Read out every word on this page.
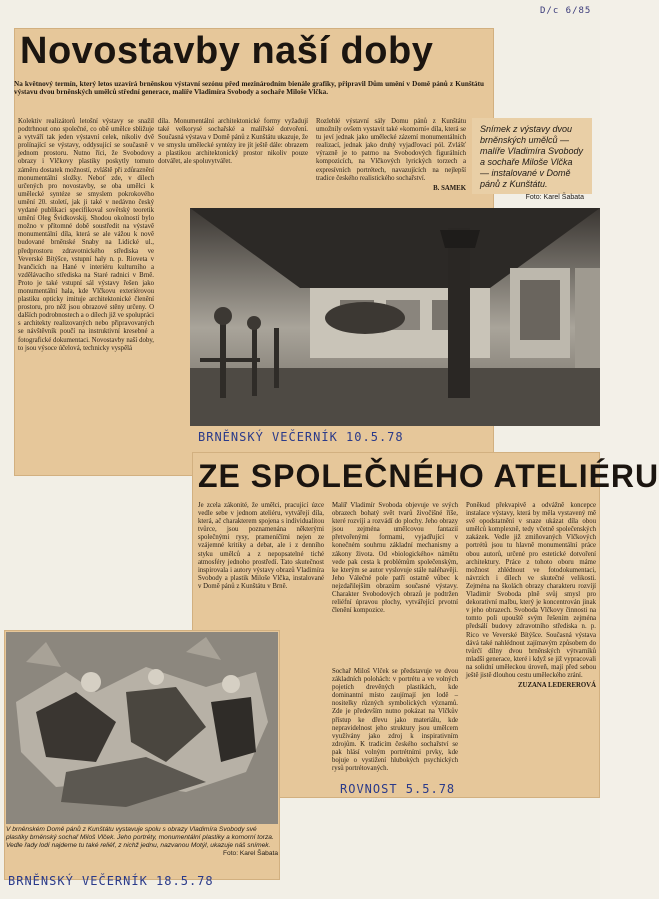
D/c 6/85
Novostavby naší doby
Na květnový termín, který letos uzavírá brněnskou výstavní sezónu před mezinárodním bienále grafiky, připravil Dům umění v Domě pánů z Kunštátu výstavu dvou brněnských umělců střední generace, malíře Vladimíra Svobody a sochaře Miloše Vlčka.
Kolektiv realizátorů letošní výstavy se snažil podtrhnout ono společné, co obě umělce sbližuje a vytváří tak jeden výstavní celek, nikoliv dvě prolínající se výstavy, oddysující se současně v jednom prostoru. Nutno říci, že Svobodovy obrazy i Vlčkovy plastiky poskytly tomuto záměru dostatek možností, zvláště při zdůraznění monumentální složky. Neboť zde, v dílech určených pro novostavby, se oba umělci k umělecké syntéze se smyslem pokrokového umění 20. století, jak ji také v nedávno český vydané publikaci specifikoval sovětský teoretik umění Oleg Švidkovskij. Shodou okolností bylo možno v přítomné době soustředit na výstavě monumentální díla, která se ale vážou k nově budované brněnské Snaby na Lidické ul., předprostoru zdravotnického střediska ve Veverské Bítýšce, vstupní haly n. p. Rioveta v Ivančicích na Hané v interiéru kulturního a vzdělávacího střediska na Staré radnici v Brně. Proto je také vstupní sál výstavy řešen jako monumentální hala, kde Vlčkovu exteriérovou plastiku opticky imituje architektonické členění prostoru, pro něž jsou obrazové stěny určeny. O dalších podrobnostech a o dílech již ve spolupráci s architekty realizovaných nebo připravovaných se návštěvník poučí na instruktivní kresebné a fotografické dokumentaci. Novostavby naší doby, to jsou výsoce účelová, technicky vyspělá
díla. Monumentální architektonické formy vyžadují také velkorysé sochařské a malířské dotvoření. Současná výstava v Domě pánů z Kunštátu ukazuje, že ve smyslu umělecké syntézy ire jít ještě dále: obrazem a plastikou architektonický prostor nikoliv pouze dotvářet, ale spoluvytvářet.
Rozlehlé výstavní sály Domu pánů z Kunštátu umožnily ovšem vystavit také »komorní« díla, která se tu jeví jednak jako umělecké zázemí monumentálních realizací, jednak jako druhý vyjadřovací pól. Zvlášť výrazně je to patrno na Svobodových figurálních kompozicích, na Vlčkových lyrických torzech a expresívních portrétech, navazujících na nejlepší tradice českého realistického sochařství.
B. SAMEK
Snímek z výstavy dvou brněnských umělců — malíře Vladimíra Svobody a sochaře Miloše Vlčka — instalované v Domě pánů z Kunštátu.
Foto: Karel Šabata
BRNĚNSKÝ VEČERNÍK 10.5.78
ZE SPOLEČNÉHO ATELIÉRU
Je zcela zákonité, že umělci, pracující úzce vedle sebe v jednom ateliéru, vytvářejí díla, která, ač charakterem spojena s individualitou tvůrce, jsou poznamenána některými společnými rysy, prameníčími nejen ze vzájemné kritiky a debat, ale i z denního styku umělců a z nepopsatelné tiché atmosféry jednoho prostředí. Tato skutečnost inspirovala i autory výstavy obrazů Vladimíra Svobody a plastik Miloše Vlčka, instalované v Domě pánů z Kunštátu v Brně.
Malíř Vladimír Svoboda objevuje ve svých obrazech bohatý svět tvarů živočišné říše, které rozvíjí a rozvádí do plochy. Jeho obrazy jsou zejména umělcovou fantazií přetvořenými formami, vyjadřující v konečném souhrnu základní mechanismy a zákony života. Od »biologického« námětu vede pak cesta k problémům společenským, ke kterým se autor vyslovuje stále naléhavěji. Jeho Válečné pole patří ostatně vůbec k nejzdařilejším obrazům současné výstavy. Charakter Svobodových obrazů je podtržen reliéfní úpravou plochy, vytvářející prvotní členění kompozice.
Sochař Miloš Vlček se představuje ve dvou základních polohách: v portrétu a ve volných pojetích drevěných plastikách, kde dominantní místo zaujímají jen lodě – nositelky různých symbolických významů. Zde je především nutno pokázat na Vlčkův přístup ke dřevu jako materiálu, kde nepravidelnost jeho struktury jsou umělcem využívány jako zdroj k inspirativním zdrojům. K tradicím českého sochařství se pak hlásí volným portrétními prvky, kde bojuje o vystižení hlubokých psychických rysů portrétovaných.
Poněkud překvapivě a odvážně koncepce instalace výstavy, která by měla vystavený mě svě opodstatnění v snaze ukázat díla obou umělců komplexně, tedy včetně společenských zakázek. Vedle již zmiňovaných Vlčkových portrétů jsou tu hlavně monumentální práce obou autorů, určené pro estetické dotvoření architektury. Práce z tohoto oboru máme možnost zhlédnout ve fotodokumentaci, návrzích i dílech ve skutečné velikosti. Zejména na školách obrazy charakteru rozvíjí Vladimír Svoboda plně svůj smysl pro dekorativní malbu, který je koncentrován jinak v jeho obrazech. Svoboda Vlčkovy činnosti na tomto poli upouště svým řešením zejména předsálí budovy zdravotního střediska n. p. Rico ve Veverské Bítýšce. Současná výstava dává také nahlédnout zajímavým způsobem do tvůrčí dílny dvou brněnských výtvarníků mladší generace, které i když se již vypracovali na solidní uměleckou úroveň, mají před sebou ještě jistě dlouhou cestu uměleckého zrání.
ZUZANA LEDEREROVÁ
ROVNOST 5.5.78
V brněnském Domě pánů z Kunštátu vystavuje spolu s obrazy Vladimíra Svobody své plastiky brněnský sochař Miloš Vlček. Jeho portréty, monumentální plastiky a komorní torza. Vedle řady lodí najdeme tu také reliéf, z nichž jednu, nazvanou Motýl, ukazuje náš snímek.
Foto: Karel Šabata
BRNĚNSKÝ VEČERNÍK 18.5.78
